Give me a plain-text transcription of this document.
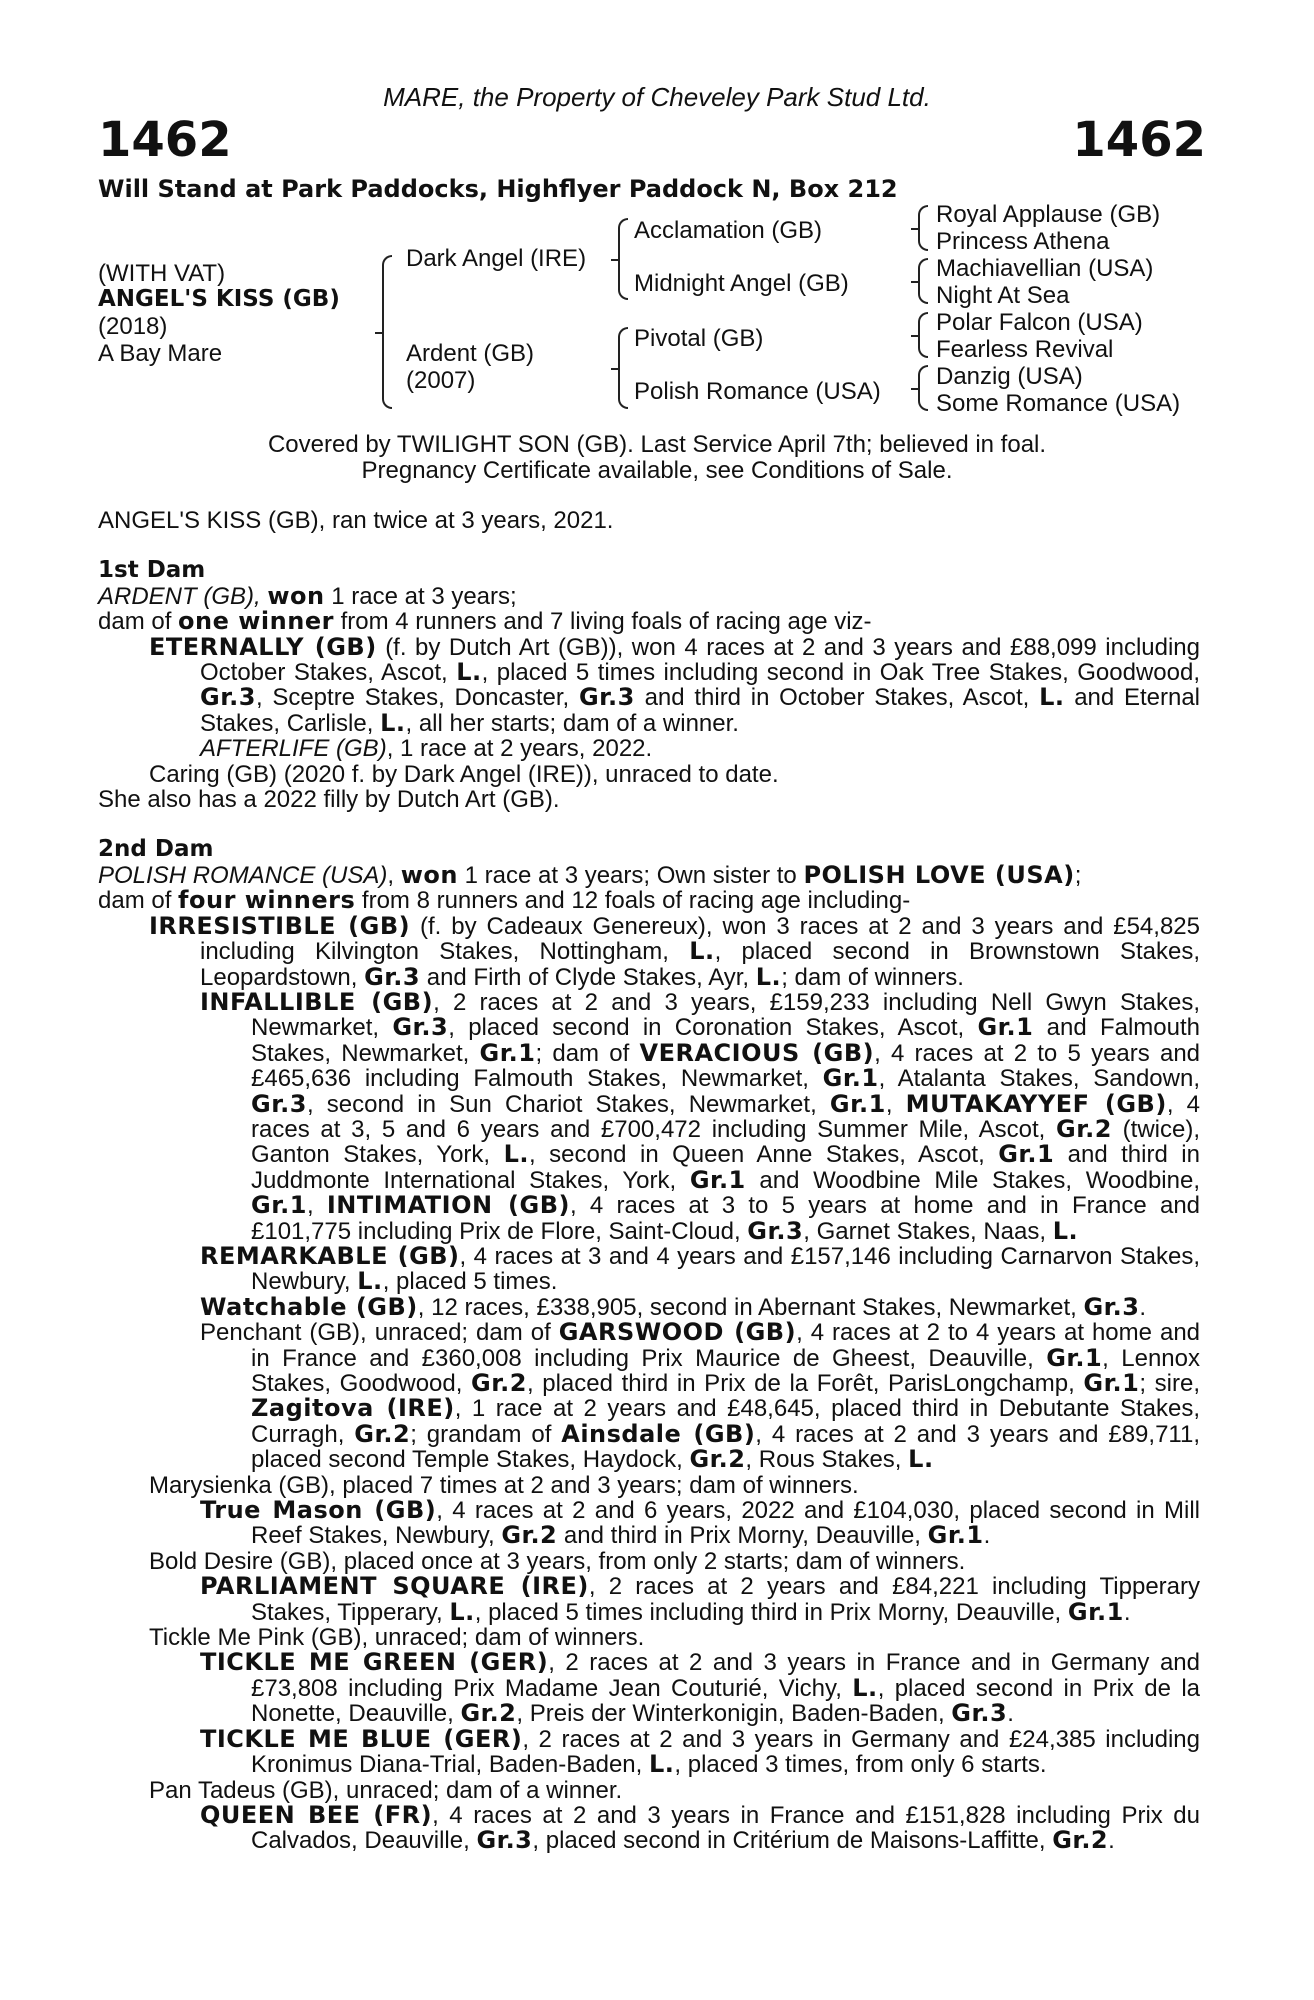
MARE, the Property of Cheveley Park Stud Ltd.
1462	1462
Will Stand at Park Paddocks, Highflyer Paddock N, Box 212
(WITH VAT)
ANGEL'S KISS (GB)
(2018)
A Bay Mare
Dark Angel (IRE)
Ardent (GB)
(2007)
Acclamation (GB)
Midnight Angel (GB)
Pivotal (GB)
Polish Romance (USA)
Royal Applause (GB)
Princess Athena
Machiavellian (USA)
Night At Sea
Polar Falcon (USA)
Fearless Revival
Danzig (USA)
Some Romance (USA)
Covered by TWILIGHT SON (GB). Last Service April 7th; believed in foal.
Pregnancy Certificate available, see Conditions of Sale.

ANGEL'S KISS (GB), ran twice at 3 years, 2021.

1st Dam

ARDENT (GB), won 1 race at 3 years;

dam of one winner from 4 runners and 7 living foals of racing age viz-

ETERNALLY (GB) (f. by Dutch Art (GB)), won 4 races at 2 and 3 years and £88,099 including October Stakes, Ascot, L., placed 5 times including second in Oak Tree Stakes, Goodwood, Gr.3, Sceptre Stakes, Doncaster, Gr.3 and third in October Stakes, Ascot, L. and Eternal Stakes, Carlisle, L., all her starts; dam of a winner.

AFTERLIFE (GB), 1 race at 2 years, 2022.

Caring (GB) (2020 f. by Dark Angel (IRE)), unraced to date.

She also has a 2022 filly by Dutch Art (GB).

2nd Dam

POLISH ROMANCE (USA), won 1 race at 3 years; Own sister to POLISH LOVE (USA);

dam of four winners from 8 runners and 12 foals of racing age including-

IRRESISTIBLE (GB) (f. by Cadeaux Genereux), won 3 races at 2 and 3 years and £54,825 including Kilvington Stakes, Nottingham, L., placed second in Brownstown Stakes, Leopardstown, Gr.3 and Firth of Clyde Stakes, Ayr, L.; dam of winners.

INFALLIBLE (GB), 2 races at 2 and 3 years, £159,233 including Nell Gwyn Stakes, Newmarket, Gr.3, placed second in Coronation Stakes, Ascot, Gr.1 and Falmouth Stakes, Newmarket, Gr.1; dam of VERACIOUS (GB), 4 races at 2 to 5 years and £465,636 including Falmouth Stakes, Newmarket, Gr.1, Atalanta Stakes, Sandown, Gr.3, second in Sun Chariot Stakes, Newmarket, Gr.1, MUTAKAYYEF (GB), 4 races at 3, 5 and 6 years and £700,472 including Summer Mile, Ascot, Gr.2 (twice), Ganton Stakes, York, L., second in Queen Anne Stakes, Ascot, Gr.1 and third in Juddmonte International Stakes, York, Gr.1 and Woodbine Mile Stakes, Woodbine, Gr.1, INTIMATION (GB), 4 races at 3 to 5 years at home and in France and £101,775 including Prix de Flore, Saint-Cloud, Gr.3, Garnet Stakes, Naas, L.

REMARKABLE (GB), 4 races at 3 and 4 years and £157,146 including Carnarvon Stakes, Newbury, L., placed 5 times.

Watchable (GB), 12 races, £338,905, second in Abernant Stakes, Newmarket, Gr.3.

Penchant (GB), unraced; dam of GARSWOOD (GB), 4 races at 2 to 4 years at home and in France and £360,008 including Prix Maurice de Gheest, Deauville, Gr.1, Lennox Stakes, Goodwood, Gr.2, placed third in Prix de la Forêt, ParisLongchamp, Gr.1; sire, Zagitova (IRE), 1 race at 2 years and £48,645, placed third in Debutante Stakes, Curragh, Gr.2; grandam of Ainsdale (GB), 4 races at 2 and 3 years and £89,711, placed second Temple Stakes, Haydock, Gr.2, Rous Stakes, L.

Marysienka (GB), placed 7 times at 2 and 3 years; dam of winners.

True Mason (GB), 4 races at 2 and 6 years, 2022 and £104,030, placed second in Mill Reef Stakes, Newbury, Gr.2 and third in Prix Morny, Deauville, Gr.1.

Bold Desire (GB), placed once at 3 years, from only 2 starts; dam of winners.

PARLIAMENT SQUARE (IRE), 2 races at 2 years and £84,221 including Tipperary Stakes, Tipperary, L., placed 5 times including third in Prix Morny, Deauville, Gr.1.

Tickle Me Pink (GB), unraced; dam of winners.

TICKLE ME GREEN (GER), 2 races at 2 and 3 years in France and in Germany and £73,808 including Prix Madame Jean Couturié, Vichy, L., placed second in Prix de la Nonette, Deauville, Gr.2, Preis der Winterkonigin, Baden-Baden, Gr.3.

TICKLE ME BLUE (GER), 2 races at 2 and 3 years in Germany and £24,385 including Kronimus Diana-Trial, Baden-Baden, L., placed 3 times, from only 6 starts.

Pan Tadeus (GB), unraced; dam of a winner.

QUEEN BEE (FR), 4 races at 2 and 3 years in France and £151,828 including Prix du Calvados, Deauville, Gr.3, placed second in Critérium de Maisons-Laffitte, Gr.2.
